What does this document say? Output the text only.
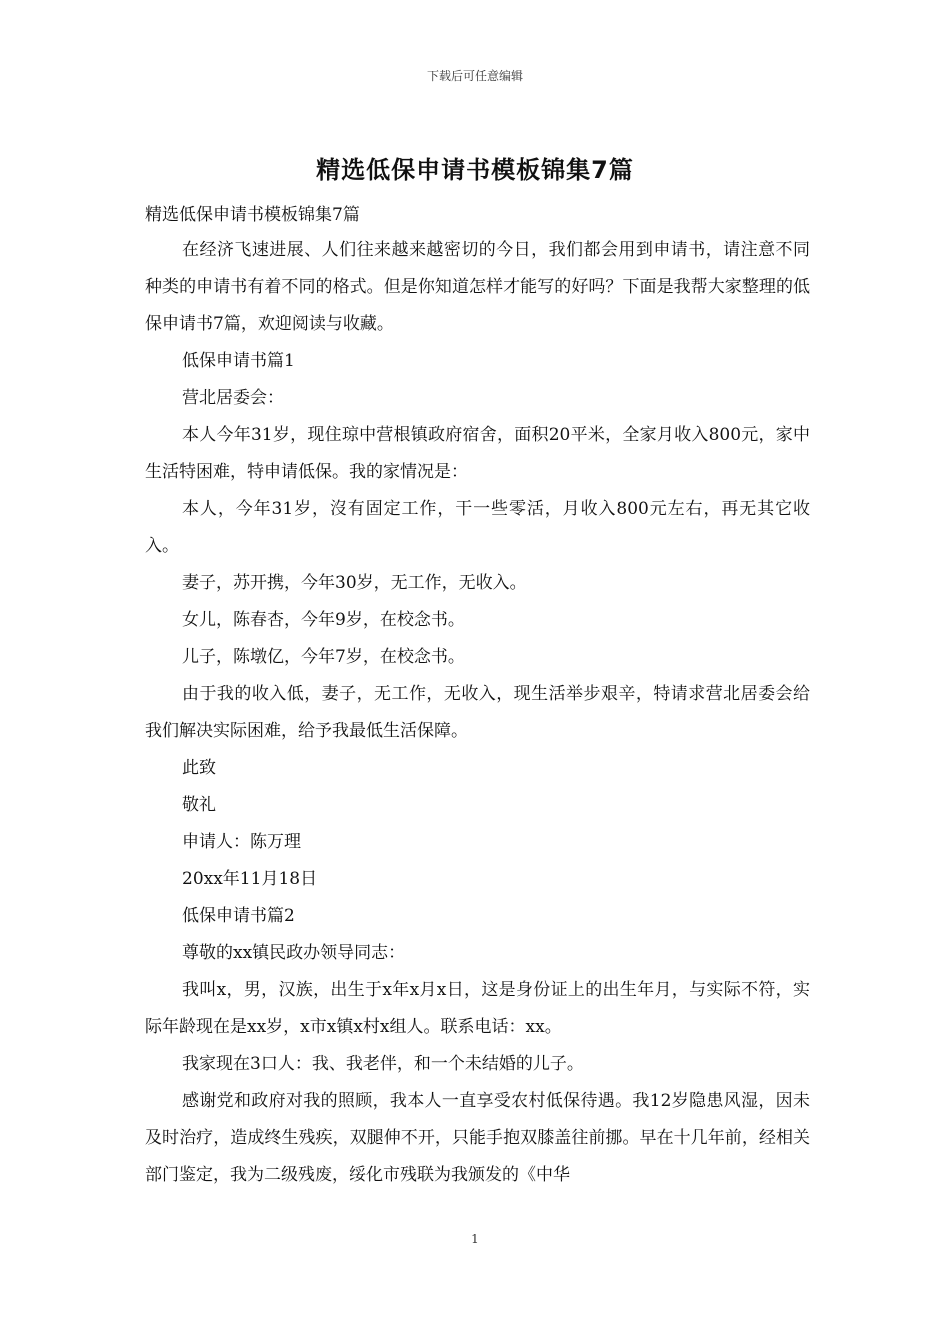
下载后可任意编辑
精选低保申请书模板锦集7篇
精选低保申请书模板锦集7篇

在经济飞速进展、人们往来越来越密切的今日，我们都会用到申请书，请注意不同种类的申请书有着不同的格式。但是你知道怎样才能写的好吗？下面是我帮大家整理的低保申请书7篇，欢迎阅读与收藏。

低保申请书篇1

营北居委会：

本人今年31岁，现住琼中营根镇政府宿舍，面积20平米，全家月收入800元，家中生活特困难，特申请低保。我的家情况是：

本人，今年31岁，沒有固定工作，干一些零活，月收入800元左右，再无其它收入。

妻子，苏开携，今年30岁，无工作，无收入。

女儿，陈春杏，今年9岁，在校念书。

儿子，陈墩亿，今年7岁，在校念书。

由于我的收入低，妻子，无工作，无收入，现生活举步艰辛，特请求营北居委会给我们解决实际困难，给予我最低生活保障。

此致

敬礼

申请人：陈万理

20xx年11月18日

低保申请书篇2

尊敬的xx镇民政办领导同志：

我叫x，男，汉族，出生于x年x月x日，这是身份证上的出生年月，与实际不符，实际年龄现在是xx岁，x市x镇x村x组人。联系电话：xx。

我家现在3口人：我、我老伴，和一个未结婚的儿子。

感谢党和政府对我的照顾，我本人一直享受农村低保待遇。我12岁隐患风湿，因未及时治疗，造成终生残疾，双腿伸不开，只能手抱双膝盖往前挪。早在十几年前，经相关部门鉴定，我为二级残废，绥化市残联为我颁发的《中华

1
